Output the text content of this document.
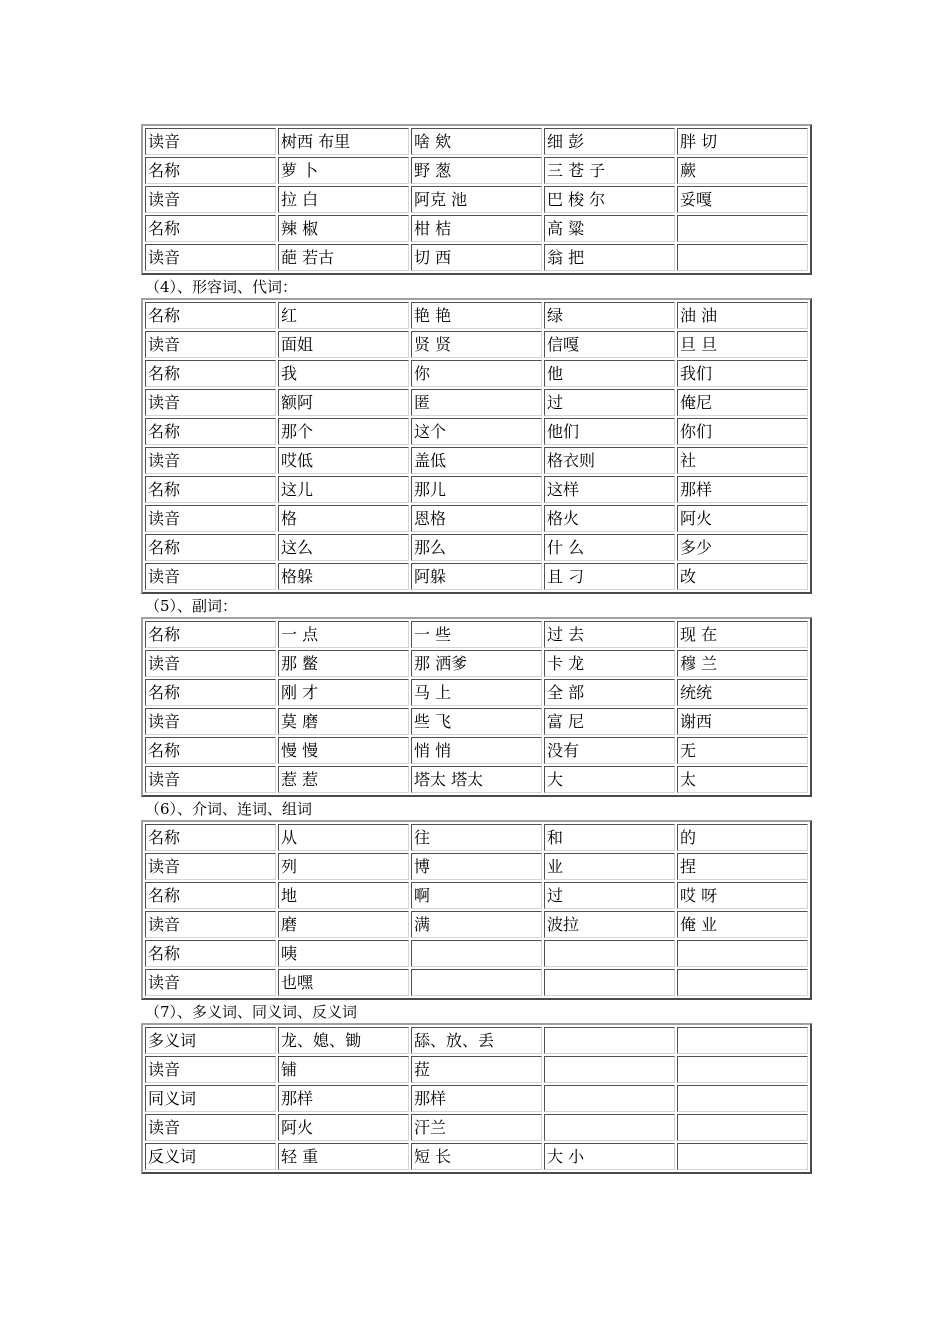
读音	树西 布里	啥 欸	细 彭	胖 切
名称	萝 卜	野 葱	三 苍 子	蕨
读音	拉 白	阿克 池	巴 梭 尔	妥嘎
名称	辣 椒	柑 桔	高 粱	
读音	葩 若古	切 西	翁 把	
（4）、形容词、代词：
名称	红	艳 艳	绿	油 油
读音	面姐	贤 贤	信嘎	旦 旦
名称	我	你	他	我们
读音	额阿	匿	过	俺尼
名称	那个	这个	他们	你们
读音	哎低	盖低	格衣则	社
名称	这儿	那儿	这样	那样
读音	格	恩格	格火	阿火
名称	这么	那么	什 么	多少
读音	格躲	阿躲	且 刁	改
（5）、副词：
名称	一 点	一 些	过 去	现 在
读音	那 鳖	那 洒爹	卡 龙	穆 兰
名称	刚 才	马 上	全 部	统统
读音	莫 磨	些 飞	富 尼	谢西
名称	慢 慢	悄 悄	没有	无
读音	惹 惹	塔太 塔太	大	太
（6）、介词、连词、组词
名称	从	往	和	的
读音	列	博	业	捏
名称	地	啊	过	哎 呀
读音	磨	满	波拉	俺 业
名称	咦			
读音	也嘿			
（7）、多义词、同义词、反义词
多义词	龙、媳、锄	舔、放、丢		
读音	铺	菈		
同义词	那样	那样		
读音	阿火	汗兰		
反义词	轻 重	短 长	大 小	
